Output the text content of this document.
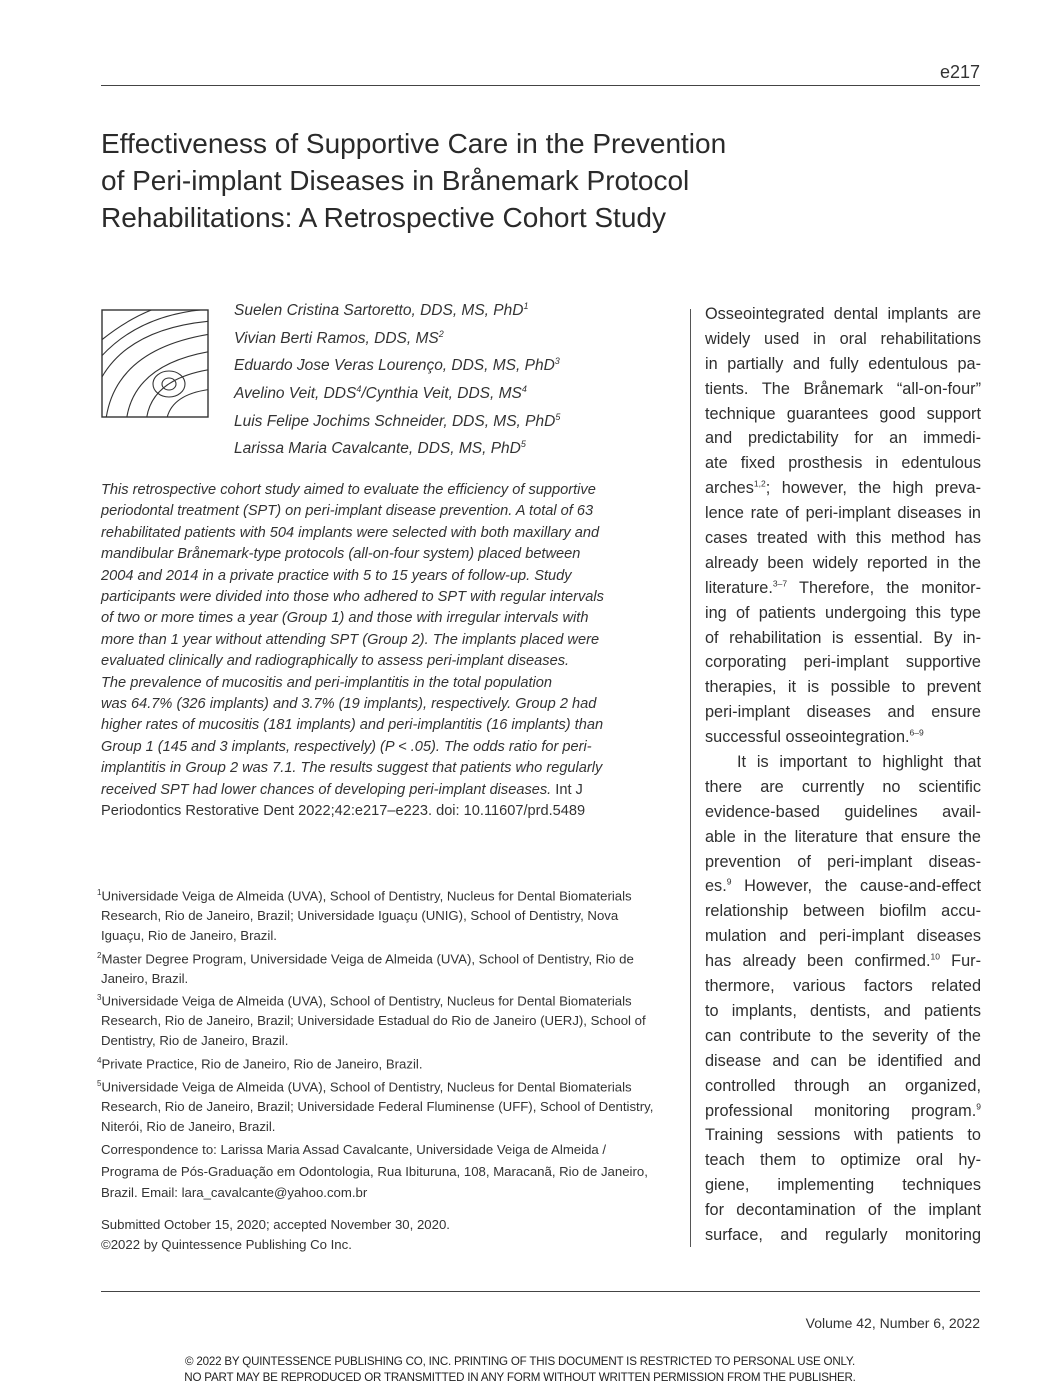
e217
Effectiveness of Supportive Care in the Prevention
of Peri-implant Diseases in Brånemark Protocol
Rehabilitations: A Retrospective Cohort Study
Suelen Cristina Sartoretto, DDS, MS, PhD$^1$
Vivian Berti Ramos, DDS, $MS^2$
Eduardo Jose Veras Lourenço, DDS, MS, PhD$^3$
Avelino Veit, DDS$^4$/Cynthia Veit, DDS, $MS^4$
Luis Felipe Jochims Schneider, DDS, MS, PhD$^5$
Larissa Maria Cavalcante, DDS, MS, PhD$^5$
This retrospective cohort study aimed to evaluate the efficiency of supportive
periodontal treatment (SPT) on peri-implant disease prevention. A total of 63
rehabilitated patients with 504 implants were selected with both maxillary and
mandibular Brånemark-type protocols (all-on-four system) placed between
2004 and 2014 in a private practice with 5 to 15 years of follow-up. Study
participants were divided into those who adhered to SPT with regular intervals
of two or more times a year (Group 1) and those with irregular intervals with
more than 1 year without attending SPT (Group 2). The implants placed were
evaluated clinically and radiographically to assess peri-implant diseases.
The prevalence of mucositis and peri-implantitis in the total population
was 64.7% (326 implants) and 3.7% (19 implants), respectively. Group 2 had
higher rates of mucositis (181 implants) and peri-implantitis (16 implants) than
Group 1 (145 and 3 implants, respectively) (P < .05). The odds ratio for peri-
implantitis in Group 2 was 7.1. The results suggest that patients who regularly
received SPT had lower chances of developing peri-implant diseases. Int J
Periodontics Restorative Dent 2022;42:e217–e223. doi: 10.11607/prd.5489
$^1$Universidade Veiga de Almeida (UVA), School of Dentistry, Nucleus for Dental Biomaterials
Research, Rio de Janeiro, Brazil; Universidade Iguaçu (UNIG), School of Dentistry, Nova
Iguaçu, Rio de Janeiro, Brazil.
$^2$Master Degree Program, Universidade Veiga de Almeida (UVA), School of Dentistry, Rio de
Janeiro, Brazil.
$^3$Universidade Veiga de Almeida (UVA), School of Dentistry, Nucleus for Dental Biomaterials
Research, Rio de Janeiro, Brazil; Universidade Estadual do Rio de Janeiro (UERJ), School of
Dentistry, Rio de Janeiro, Brazil.
$^4$Private Practice, Rio de Janeiro, Rio de Janeiro, Brazil.
$^5$Universidade Veiga de Almeida (UVA), School of Dentistry, Nucleus for Dental Biomaterials
Research, Rio de Janeiro, Brazil; Universidade Federal Fluminense (UFF), School of Dentistry,
Niterói, Rio de Janeiro, Brazil.
Correspondence to: Larissa Maria Assad Cavalcante, Universidade Veiga de Almeida /
Programa de Pós-Graduação em Odontologia, Rua Ibituruna, 108, Maracanã, Rio de Janeiro,
Brazil. Email: lara_cavalcante@yahoo.com.br
Submitted October 15, 2020; accepted November 30, 2020.
©2022 by Quintessence Publishing Co Inc.
Osseointegrated dental implants are
widely used in oral rehabilitations
in partially and fully edentulous pa-
tients. The Brånemark “all-on-four”
technique guarantees good support
and predictability for an immedi-
ate fixed prosthesis in edentulous
arches$^{1,2}$; however, the high preva-
lence rate of peri-implant diseases in
cases treated with this method has
already been widely reported in the
literature.$^{3-7}$ Therefore, the monitor-
ing of patients undergoing this type
of rehabilitation is essential. By in-
corporating peri-implant supportive
therapies, it is possible to prevent
peri-implant diseases and ensure
successful osseointegration.$^{6-9}$
It is important to highlight that
there are currently no scientific
evidence-based guidelines avail-
able in the literature that ensure the
prevention of peri-implant diseas-
es.$^9$ However, the cause-and-effect
relationship between biofilm accu-
mulation and peri-implant diseases
has already been confirmed.$^{10}$ Fur-
thermore, various factors related
to implants, dentists, and patients
can contribute to the severity of the
disease and can be identified and
controlled through an organized,
professional monitoring program.$^9$
Training sessions with patients to
teach them to optimize oral hy-
giene, implementing techniques
for decontamination of the implant
surface, and regularly monitoring
Volume 42, Number 6, 2022
© 2022 BY QUINTESSENCE PUBLISHING CO, INC. PRINTING OF THIS DOCUMENT IS RESTRICTED TO PERSONAL USE ONLY.
NO PART MAY BE REPRODUCED OR TRANSMITTED IN ANY FORM WITHOUT WRITTEN PERMISSION FROM THE PUBLISHER.
